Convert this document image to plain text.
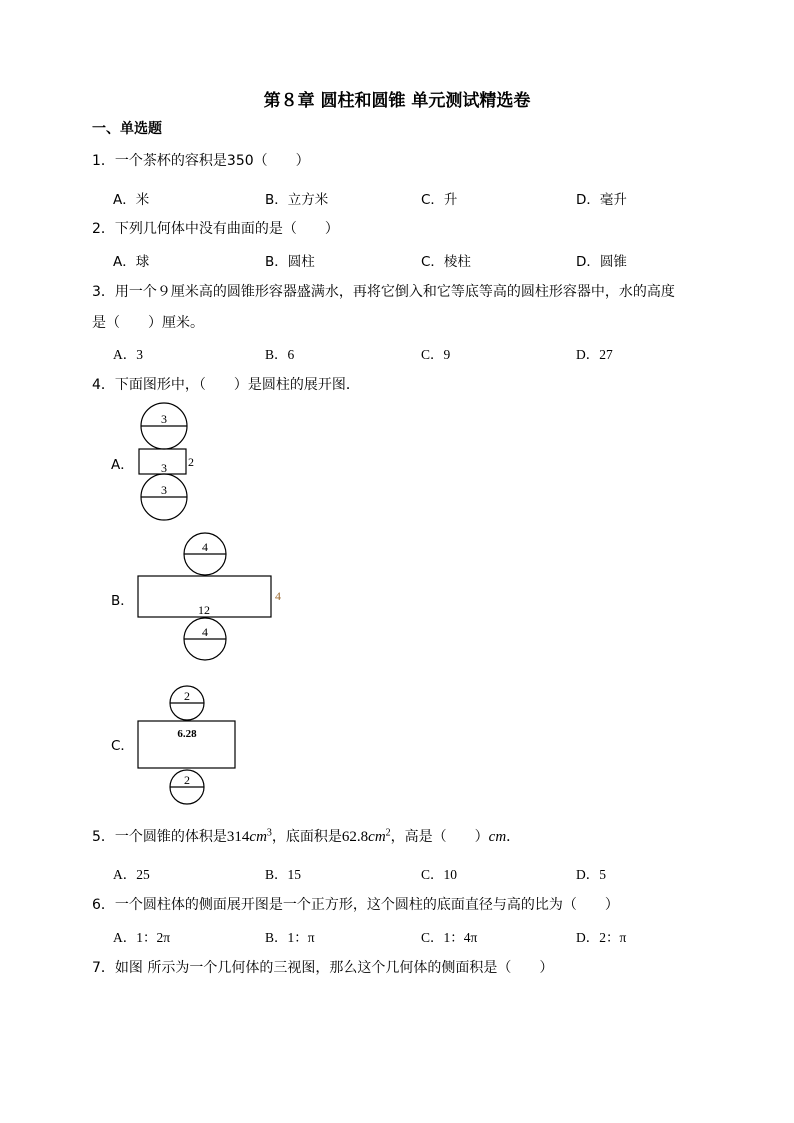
第８章 圆柱和圆锥 单元测试精选卷
一、单选题
1．一个茶杯的容积是350（　　）
A．米	B．立方米	C．升	D．毫升
2．下列几何体中没有曲面的是（　　）
A．球	B．圆柱	C．棱柱	D．圆锥
3．用一个９厘米高的圆锥形容器盛满水，再将它倒入和它等底等高的圆柱形容器中，水的高度
是（　　）厘米。
A．3	B．6	C．9	D．27
4．下面图形中，（　　）是圆柱的展开图．
A．
B．
C．
3
3 2
3
4
12
4
4
2
6.28
2
5．一个圆锥的体积是$314cm^3$，底面积是$62.8cm^2$，高是（　　）cm．
A．25	B．15	C．10	D．5
6．一个圆柱体的侧面展开图是一个正方形，这个圆柱的底面直径与高的比为（　　）
A．1：2π	B．1：π	C．1：4π	D．2：π
7．如图 所示为一个几何体的三视图，那么这个几何体的侧面积是（　　）
